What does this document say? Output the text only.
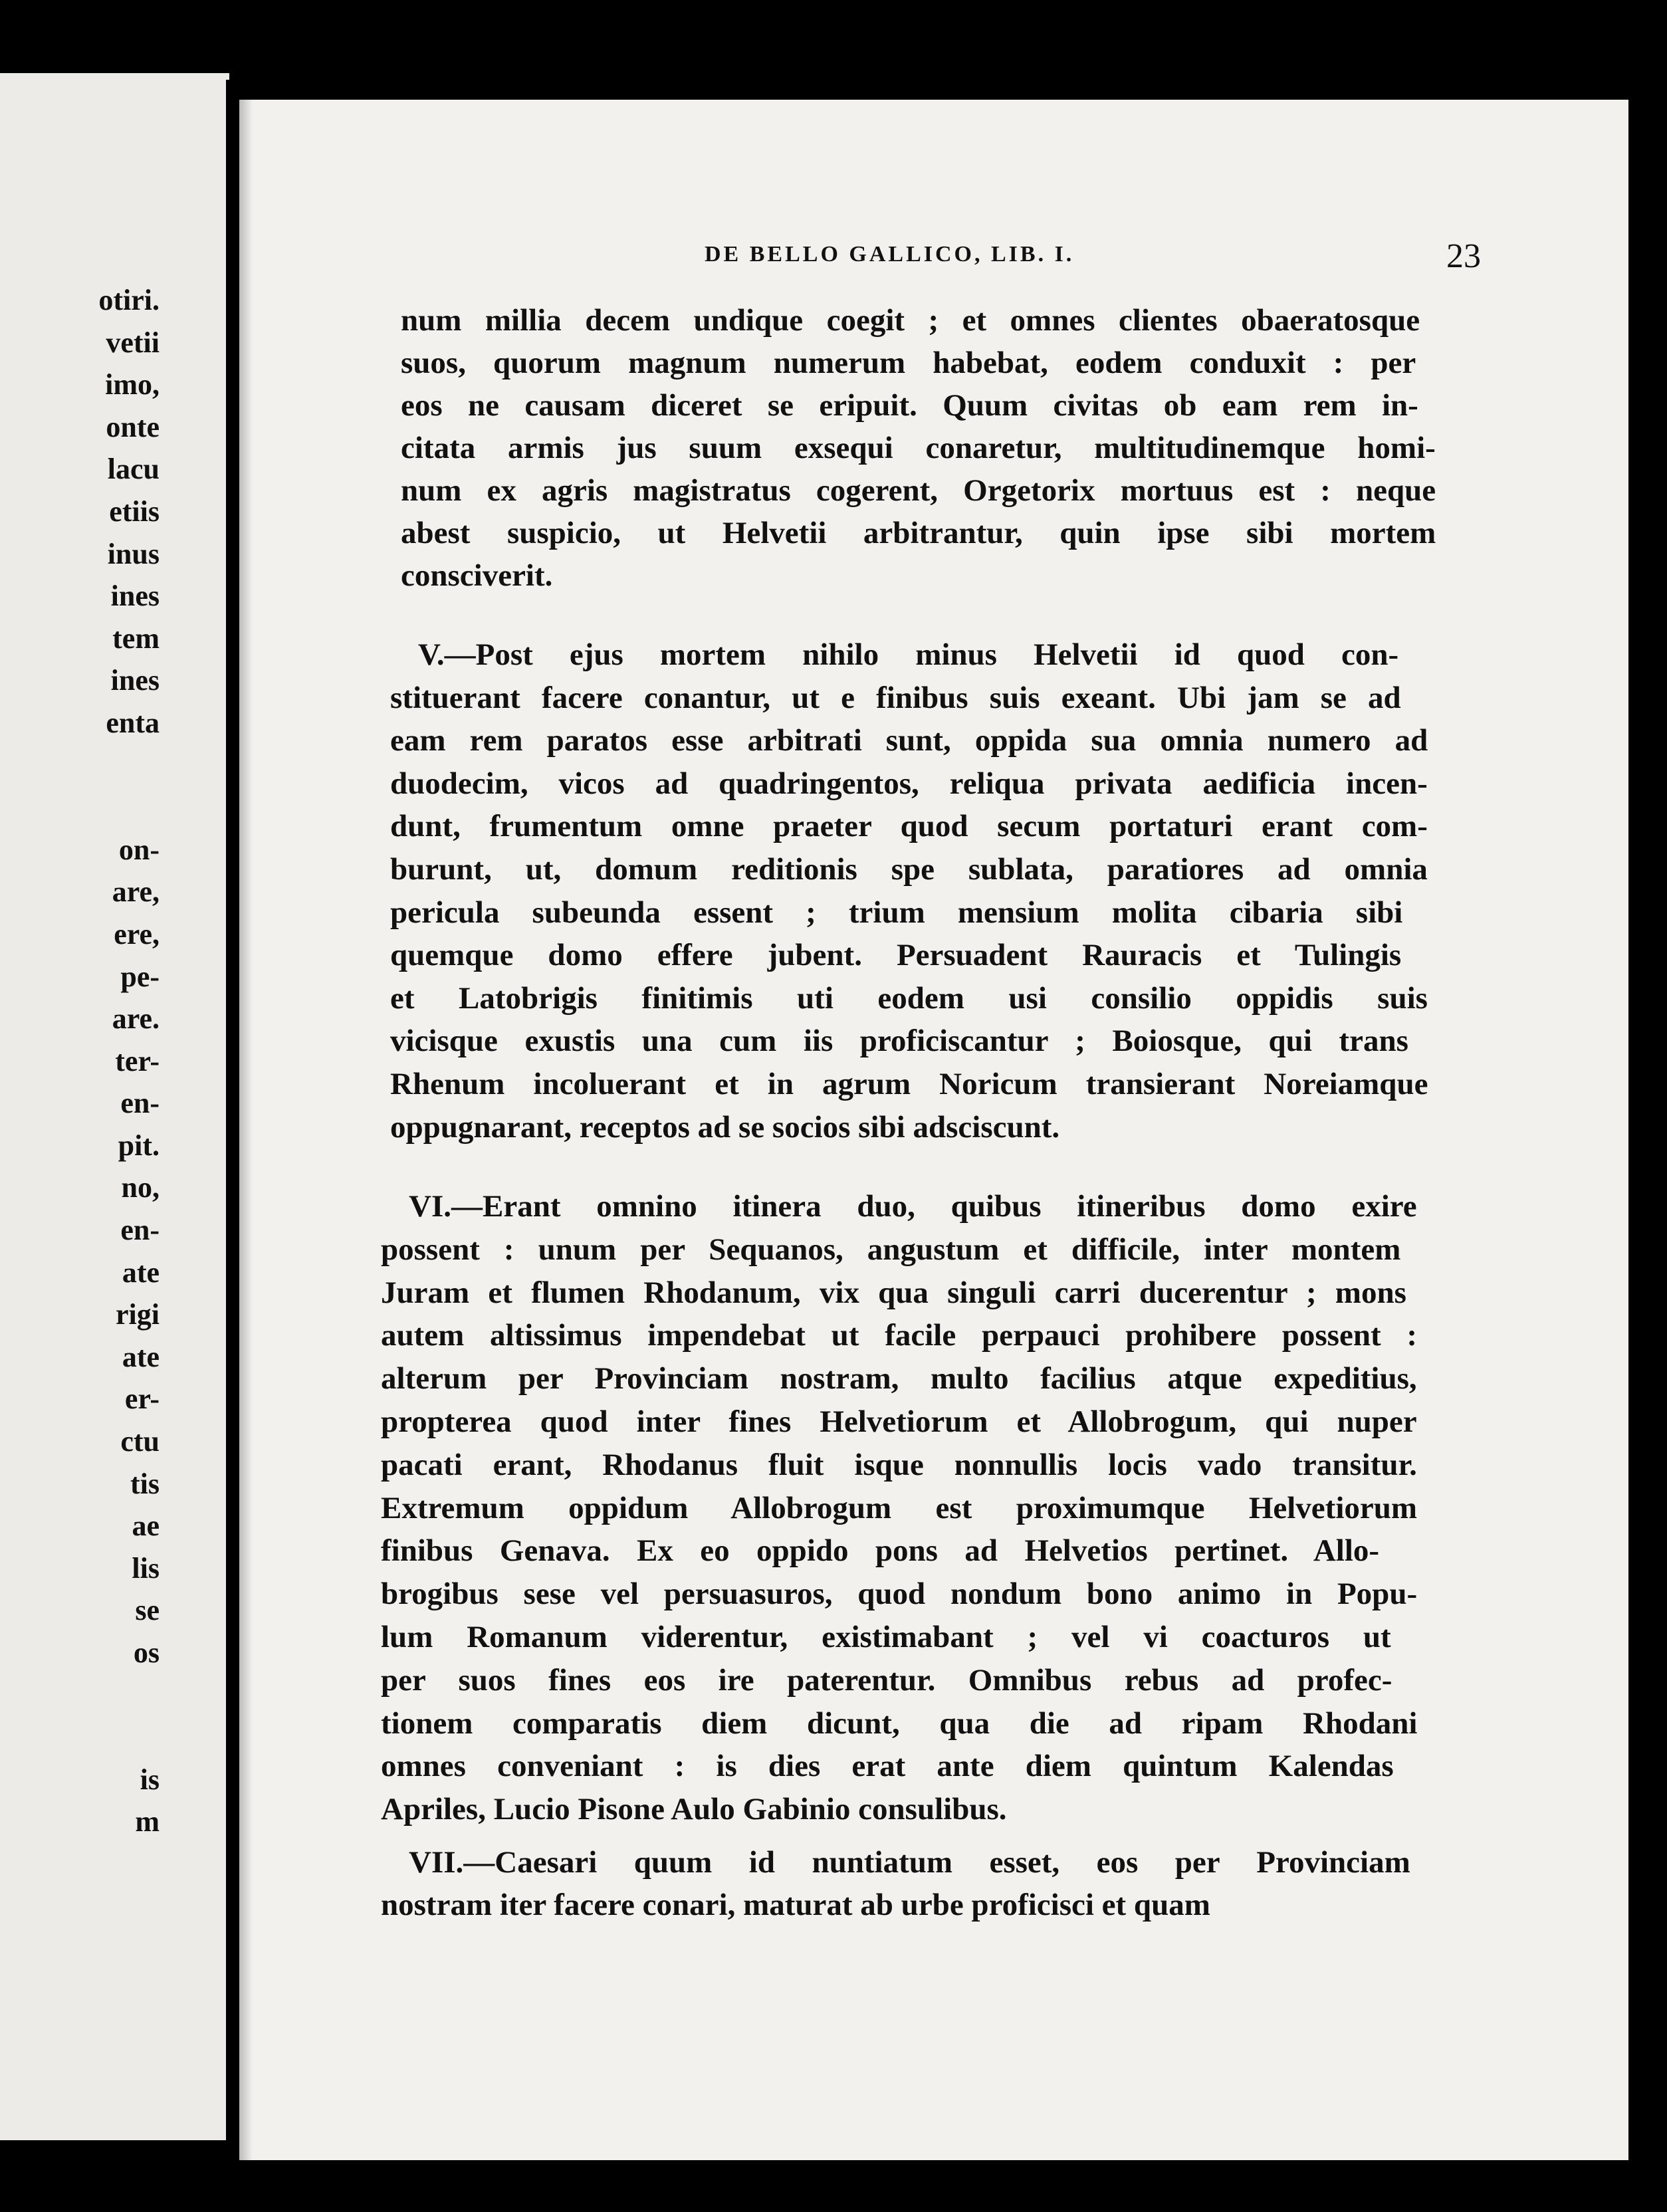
otiri.
vetii
imo,
onte
lacu
etiis
inus
ines
tem
ines
enta
on-
are,
ere,
pe-
are.
ter-
en-
pit.
no,
en-
ate
rigi
ate
er-
ctu
tis
ae
lis
se
os
is
m
DE BELLO GALLICO, LIB. I.	23
num millia decem undique coegit ; et omnes clientes obaeratosque
suos, quorum magnum numerum habebat, eodem conduxit : per
eos ne causam diceret se eripuit. Quum civitas ob eam rem in-
citata armis jus suum exsequi conaretur, multitudinemque homi-
num ex agris magistratus cogerent, Orgetorix mortuus est : neque
abest suspicio, ut Helvetii arbitrantur, quin ipse sibi mortem
consciverit.
V.—Post ejus mortem nihilo minus Helvetii id quod con-
stituerant facere conantur, ut e finibus suis exeant. Ubi jam se ad
eam rem paratos esse arbitrati sunt, oppida sua omnia numero ad
duodecim, vicos ad quadringentos, reliqua privata aedificia incen-
dunt, frumentum omne praeter quod secum portaturi erant com-
burunt, ut, domum reditionis spe sublata, paratiores ad omnia
pericula subeunda essent ; trium mensium molita cibaria sibi
quemque domo effere jubent. Persuadent Rauracis et Tulingis
et Latobrigis finitimis uti eodem usi consilio oppidis suis
vicisque exustis una cum iis proficiscantur ; Boiosque, qui trans
Rhenum incoluerant et in agrum Noricum transierant Noreiamque
oppugnarant, receptos ad se socios sibi adsciscunt.
VI.—Erant omnino itinera duo, quibus itineribus domo exire
possent : unum per Sequanos, angustum et difficile, inter montem
Juram et flumen Rhodanum, vix qua singuli carri ducerentur ; mons
autem altissimus impendebat ut facile perpauci prohibere possent :
alterum per Provinciam nostram, multo facilius atque expeditius,
propterea quod inter fines Helvetiorum et Allobrogum, qui nuper
pacati erant, Rhodanus fluit isque nonnullis locis vado transitur.
Extremum oppidum Allobrogum est proximumque Helvetiorum
finibus Genava. Ex eo oppido pons ad Helvetios pertinet. Allo-
brogibus sese vel persuasuros, quod nondum bono animo in Popu-
lum Romanum viderentur, existimabant ; vel vi coacturos ut
per suos fines eos ire paterentur. Omnibus rebus ad profec-
tionem comparatis diem dicunt, qua die ad ripam Rhodani
omnes conveniant : is dies erat ante diem quintum Kalendas
Apriles, Lucio Pisone Aulo Gabinio consulibus.
VII.—Caesari quum id nuntiatum esset, eos per Provinciam
nostram iter facere conari, maturat ab urbe proficisci et quam
